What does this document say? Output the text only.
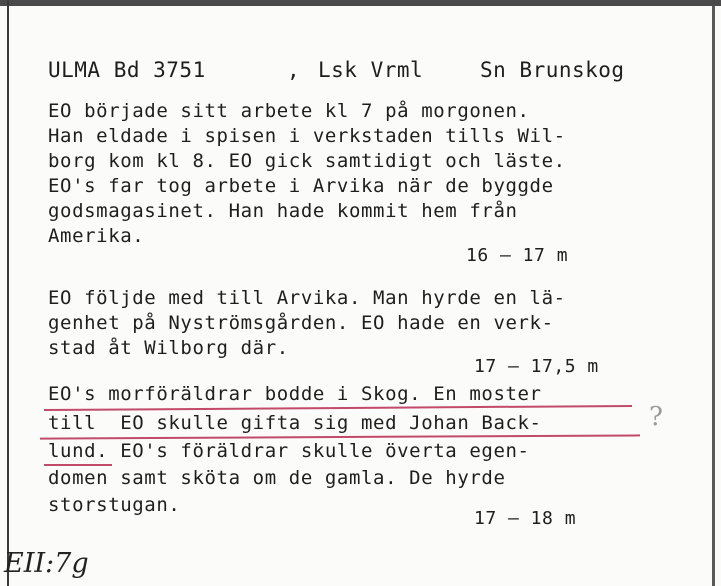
ULMA Bd 3751	, Lsk Vrml	Sn Brunskog
EO började sitt arbete kl 7 på morgonen.
Han eldade i spisen i verkstaden tills Wil-
borg kom kl 8. EO gick samtidigt och läste.
EO's far tog arbete i Arvika när de byggde
godsmagasinet. Han hade kommit hem från
Amerika.
16 – 17 m
EO följde med till Arvika. Man hyrde en lä-
genhet på Nyströmsgården. EO hade en verk-
stad åt Wilborg där.
17 – 17,5 m
EO's morföräldrar bodde i Skog. En moster
till  EO skulle gifta sig med Johan Back-
lund. EO's föräldrar skulle överta egen-
domen samt sköta om de gamla. De hyrde
storstugan.
17 – 18 m
?
EII:7g
